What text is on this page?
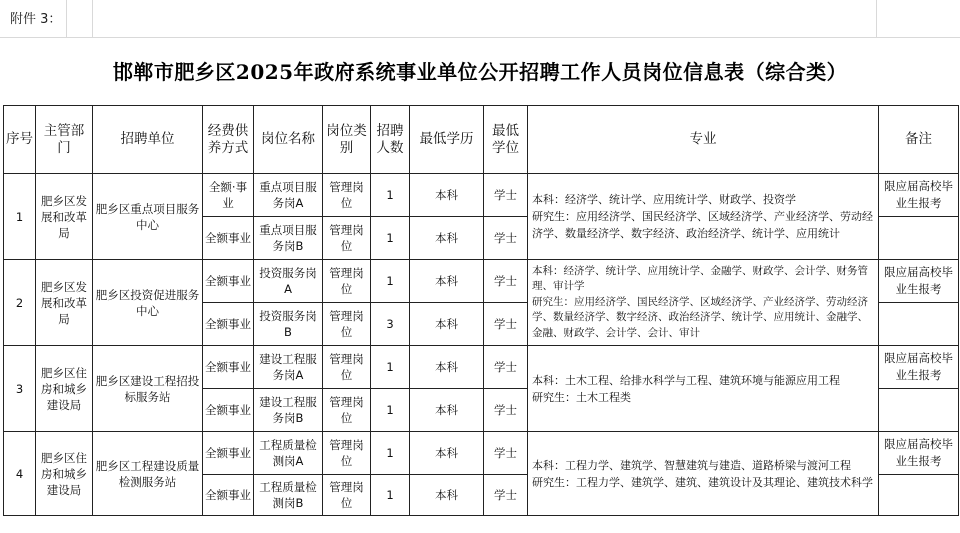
附件 3：
邯郸市肥乡区2025年政府系统事业单位公开招聘工作人员岗位信息表（综合类）
序号	主管部门	招聘单位	经费供养方式	岗位名称	岗位类别	招聘人数	最低学历	最低学位	专业	备注
1	肥乡区发展和改革局	肥乡区重点项目服务中心	全额·事业	重点项目服务岗A	管理岗位	1	本科	学士	本科：经济学、统计学、应用统计学、财政学、投资学
研究生：应用经济学、国民经济学、区域经济学、产业经济学、劳动经济学、数量经济学、数字经济、政治经济学、统计学、应用统计	限应届高校毕业生报考
			全额事业	重点项目服务岗B	管理岗位	1	本科	学士		
2	肥乡区发展和改革局	肥乡区投资促进服务中心	全额事业	投资服务岗A	管理岗位	1	本科	学士	本科：经济学、统计学、应用统计学、金融学、财政学、会计学、财务管理、审计学
研究生：应用经济学、国民经济学、区域经济学、产业经济学、劳动经济学、数量经济学、数字经济、政治经济学、统计学、应用统计、金融学、金融、财政学、会计学、会计、审计	限应届高校毕业生报考
			全额事业	投资服务岗B	管理岗位	3	本科	学士		
3	肥乡区住房和城乡建设局	肥乡区建设工程招投标服务站	全额事业	建设工程服务岗A	管理岗位	1	本科	学士	本科：土木工程、给排水科学与工程、建筑环境与能源应用工程
研究生：土木工程类	限应届高校毕业生报考
			全额事业	建设工程服务岗B	管理岗位	1	本科	学士		
4	肥乡区住房和城乡建设局	肥乡区工程建设质量检测服务站	全额事业	工程质量检测岗A	管理岗位	1	本科	学士	本科：工程力学、建筑学、智慧建筑与建造、道路桥梁与渡河工程
研究生：工程力学、建筑学、建筑、建筑设计及其理论、建筑技术科学	限应届高校毕业生报考
			全额事业	工程质量检测岗B	管理岗位	1	本科	学士		
